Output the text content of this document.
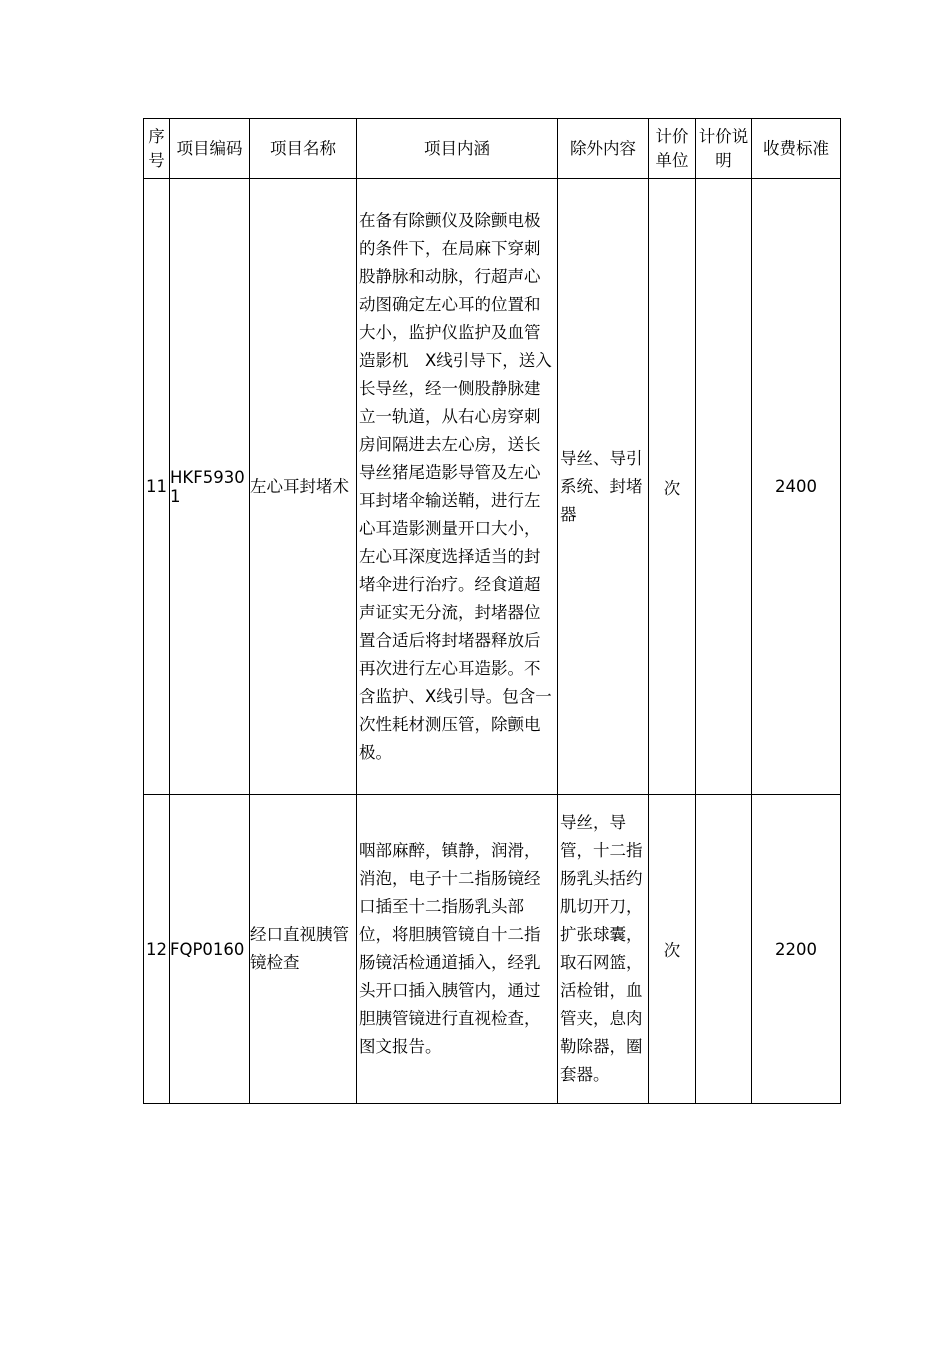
序号	项目编码	项目名称	项目内涵	除外内容	计价单位	计价说明	收费标准
11	HKF59301	左心耳封堵术	在备有除颤仪及除颤电极的条件下，在局麻下穿刺股静脉和动脉，行超声心动图确定左心耳的位置和大小，监护仪监护及血管造影机　X线引导下，送入长导丝，经一侧股静脉建立一轨道，从右心房穿刺房间隔进去左心房，送长导丝猪尾造影导管及左心耳封堵伞输送鞘，进行左心耳造影测量开口大小，左心耳深度选择适当的封堵伞进行治疗。经食道超声证实无分流，封堵器位置合适后将封堵器释放后再次进行左心耳造影。不含监护、X线引导。包含一次性耗材测压管，除颤电极。	导丝、导引系统、封堵器	次		2400
12	FQP0160	经口直视胰管镜检查	咽部麻醉，镇静，润滑，消泡，电子十二指肠镜经口插至十二指肠乳头部位，将胆胰管镜自十二指肠镜活检通道插入，经乳头开口插入胰管内，通过胆胰管镜进行直视检查，　图文报告。	导丝，导管，十二指肠乳头括约肌切开刀，扩张球囊，取石网篮，活检钳，血管夹，息肉勒除器，圈套器。	次		2200
